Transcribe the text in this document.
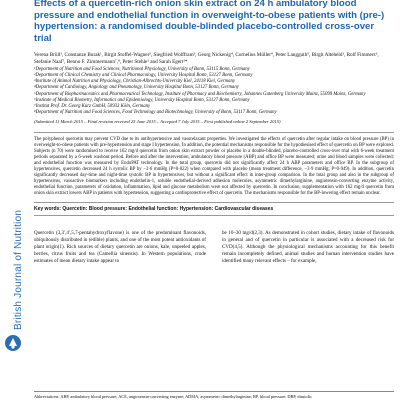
British Journal of Nutrition
Effects of a quercetin-rich onion skin extract on 24 h ambulatory blood pressure and endothelial function in overweight-to-obese patients with (pre-) hypertension: a randomised double-blinded placebo-controlled cross-over trial
Verena Brüll¹, Constanze Burak¹, Birgit Stoffel-Wagner², Siegfried Wolffram³, Georg Nickenig⁴, Cornelius Müller⁴, Peter Langguth⁵, Birgit Alteheld¹, Rolf Fimmers⁶, Stefanie Naaf⁷, Benno F. Zimmermann⁷,⁸, Peter Stehle¹ and Sarah Egert¹*
¹Department of Nutrition and Food Sciences, Nutritional Physiology, University of Bonn, 53115 Bonn, Germany
²Department of Clinical Chemistry and Clinical Pharmacology, University Hospital Bonn, 53127 Bonn, Germany
³Institute of Animal Nutrition and Physiology, Christian-Albrechts-University Kiel, 24118 Kiel, Germany
⁴Department of Cardiology, Angiology and Pneumology, University Hospital Bonn, 53127 Bonn, Germany
⁵Department of Biopharmaceutics and Pharmaceutical Technology, Institute of Pharmacy and Biochemistry, Johannes Gutenberg University Mainz, 55099 Mainz, Germany
⁶Institute of Medical Biometry, Informatics and Epidemiology, University Hospital Bonn, 53127 Bonn, Germany
⁷Institut Prof. Dr. Georg Kurz GmbH, 50933 Köln, Germany
⁸Department of Nutrition and Food Sciences, Food Technology and Biotechnology, University of Bonn, 53117 Bonn, Germany
(Submitted 11 March 2015 – Final revision received 25 June 2015 – Accepted 7 July 2015 – First published online 2 September 2015)
The polyphenol quercetin may prevent CVD due to its antihypertensive and vasorelaxant properties. We investigated the effects of quercetin after regular intake on blood pressure (BP) in overweight-to-obese patients with pre-hypertension and stage I hypertension. In addition, the potential mechanisms responsible for the hypothesised effect of quercetin on BP were explored. Subjects (n 70) were randomised to receive 162 mg/d quercetin from onion skin extract powder or placebo in a double-blinded, placebo-controlled cross-over trial with 6-week treatment periods separated by a 6-week washout period. Before and after the intervention, ambulatory blood pressure (ABP) and office BP were measured; urine and blood samples were collected; and endothelial function was measured by EndoPAT technology. In the total group, quercetin did not significantly affect 24 h ABP parameters and office BP. In the subgroup of hypertensives, quercetin decreased 24 h systolic BP by −3·6 mmHg (P=0·022) when compared with placebo (mean treatment difference, −3·9 mmHg; P=0·049). In addition, quercetin significantly decreased day-time and night-time systolic BP in hypertensives, but without a significant effect in inter-group comparison. In the total group and also in the subgroup of hypertensives, vasoactive biomarkers including endothelin-1, soluble endothelial-derived adhesion molecules, asymmetric dimethylarginine, angiotensin-converting enzyme activity, endothelial function, parameters of oxidation, inflammation, lipid and glucose metabolism were not affected by quercetin. In conclusion, supplementation with 162 mg/d quercetin from onion skin extract lowers ABP in patients with hypertension, suggesting a cardioprotective effect of quercetin. The mechanisms responsible for the BP-lowering effect remain unclear.
Key words: Quercetin: Blood pressure: Endothelial function: Hypertension: Cardiovascular diseases
Quercetin (3,3′,4′,5,7-pentahydroxyflavone) is one of the predominant flavonoids, ubiquitously distributed in (edible) plants, and one of the most potent antioxidants of plant origin(1). Rich sources of dietary quercetin are onions, kale, unpeeled apples, berries, citrus fruits and tea (Camellia sinensis). In Western populations, crude estimates of mean dietary intake appear to
be 10–30 mg/d(2,3). As demonstrated in cohort studies, dietary intake of flavonoids in general and of quercetin in particular is associated with a decreased risk for CVD(4,5). Although the physiological mechanisms accounting for this benefit remain incompletely defined, animal studies and human intervention studies have identified many relevant effects – for example,
Abbreviations: ABP, ambulatory blood pressure; ACE, angiotensin-converting enzyme; ADMA, asymmetric dimethylarginine; BP, blood pressure; DBP, diastolic
